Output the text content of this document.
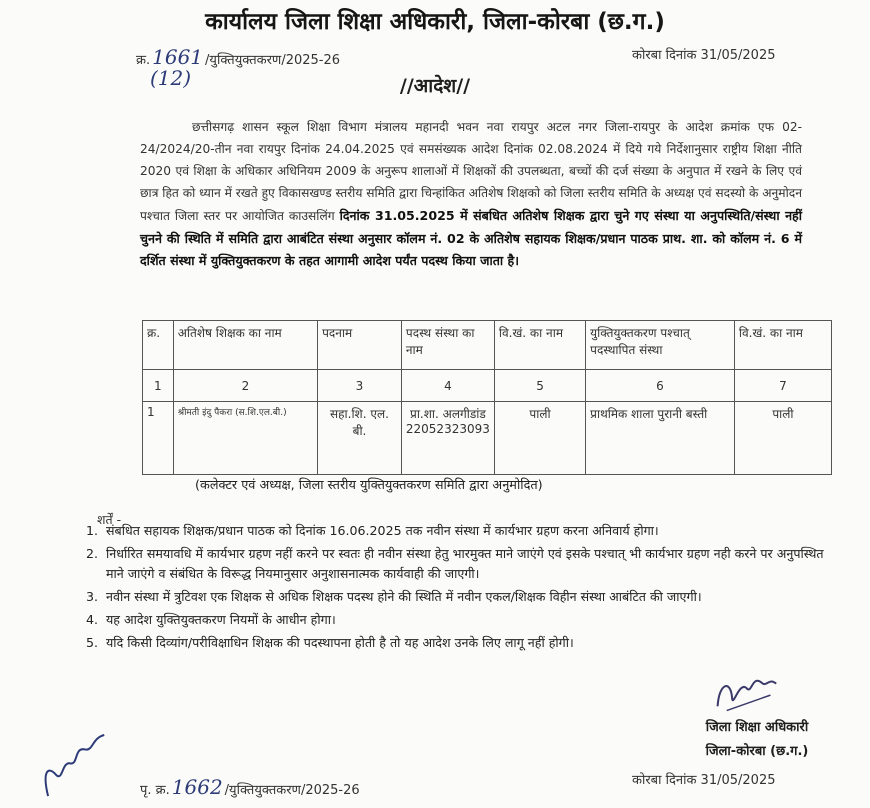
कार्यालय जिला शिक्षा अधिकारी, जिला-कोरबा (छ.ग.)
क्र. 1661 /युक्तियुक्तकरण/2025-26
(12)
कोरबा दिनांक 31/05/2025
//आदेश//
छत्तीसगढ़ शासन स्कूल शिक्षा विभाग मंत्रालय महानदी भवन नवा रायपुर अटल नगर जिला-रायपुर के आदेश क्रमांक एफ 02-24/2024/20-तीन नवा रायपुर दिनांक 24.04.2025 एवं समसंख्यक आदेश दिनांक 02.08.2024 में दिये गये निर्देशानुसार राष्ट्रीय शिक्षा नीति 2020 एवं शिक्षा के अधिकार अधिनियम 2009 के अनुरूप शालाओं में शिक्षकों की उपलब्धता, बच्चों की दर्ज संख्या के अनुपात में रखने के लिए एवं छात्र हित को ध्यान में रखते हुए विकासखण्ड स्तरीय समिति द्वारा चिन्हांकित अतिशेष शिक्षको को जिला स्तरीय समिति के अध्यक्ष एवं सदस्यो के अनुमोदन पश्चात जिला स्तर पर आयोजित काउसलिंग दिनांक 31.05.2025 में संबधित अतिशेष शिक्षक द्वारा चुने गए संस्था या अनुपस्थिति/संस्था नहीं चुनने की स्थिति में समिति द्वारा आबंटित संस्था अनुसार कॉलम नं. 02 के अतिशेष सहायक शिक्षक/प्रधान पाठक प्राथ. शा. को कॉलम नं. 6 में दर्शित संस्था में युक्तियुक्तकरण के तहत आगामी आदेश पर्यंत पदस्थ किया जाता है।
क्र.	अतिशेष शिक्षक का नाम	पदनाम	पदस्थ संस्था का नाम	वि.खं. का नाम	युक्तियुक्तकरण पश्चात् पदस्थापित संस्था	वि.खं. का नाम
1	2	3	4	5	6	7
1	श्रीमती इंदु पैकरा (स.शि.एल.बी.)	सहा.शि. एल. बी.	प्रा.शा. अलगीडांड 22052323093	पाली	प्राथमिक शाला पुरानी बस्ती	पाली
(कलेक्टर एवं अध्यक्ष, जिला स्तरीय युक्तियुक्तकरण समिति द्वारा अनुमोदित)
शर्तें -
1. संबधित सहायक शिक्षक/प्रधान पाठक को दिनांक 16.06.2025 तक नवीन संस्था में कार्यभार ग्रहण करना अनिवार्य होगा।
2. निर्धारित समयावधि में कार्यभार ग्रहण नहीं करने पर स्वतः ही नवीन संस्था हेतु भारमुक्त माने जाएंगे एवं इसके पश्चात् भी कार्यभार ग्रहण नही करने पर अनुपस्थित माने जाएंगे व संबंधित के विरूद्ध नियमानुसार अनुशासनात्मक कार्यवाही की जाएगी।
3. नवीन संस्था में त्रुटिवश एक शिक्षक से अधिक शिक्षक पदस्थ होने की स्थिति में नवीन एकल/शिक्षक विहीन संस्था आबंटित की जाएगी।
4. यह आदेश युक्तियुक्तकरण नियमों के आधीन होगा।
5. यदि किसी दिव्यांग/परीविक्षाधिन शिक्षक की पदस्थापना होती है तो यह आदेश उनके लिए लागू नहीं होगी।
जिला शिक्षा अधिकारी
जिला-कोरबा (छ.ग.)
पृ. क्र. 1662 /युक्तियुक्तकरण/2025-26
कोरबा दिनांक 31/05/2025
